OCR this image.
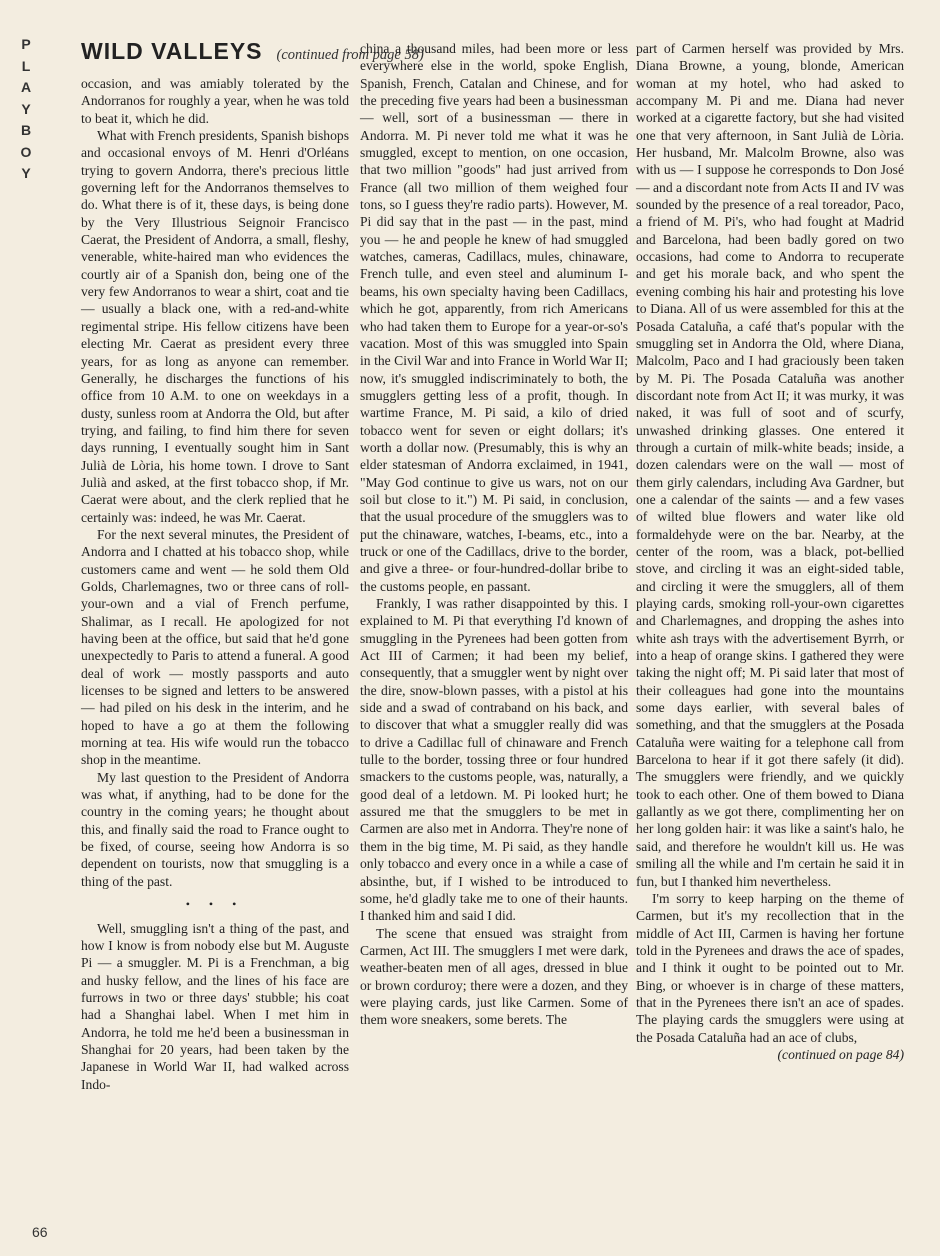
P
L
A
Y
B
O
Y
WILD VALLEYS (continued from page 58)

occasion, and was amiably tolerated by the Andorranos for roughly a year, when he was told to beat it, which he did.

What with French presidents, Spanish bishops and occasional envoys of M. Henri d'Orléans trying to govern Andorra, there's precious little governing left for the Andorranos themselves to do. What there is of it, these days, is being done by the Very Illustrious Seignoir Francisco Caerat, the President of Andorra, a small, fleshy, venerable, white-haired man who evidences the courtly air of a Spanish don, being one of the very few Andorranos to wear a shirt, coat and tie — usually a black one, with a red-and-white regimental stripe. His fellow citizens have been electing Mr. Caerat as president every three years, for as long as anyone can remember. Generally, he discharges the functions of his office from 10 A.M. to one on weekdays in a dusty, sunless room at Andorra the Old, but after trying, and failing, to find him there for seven days running, I eventually sought him in Sant Julià de Lòria, his home town. I drove to Sant Julià and asked, at the first tobacco shop, if Mr. Caerat were about, and the clerk replied that he certainly was: indeed, he was Mr. Caerat.

For the next several minutes, the President of Andorra and I chatted at his tobacco shop, while customers came and went — he sold them Old Golds, Charlemagnes, two or three cans of roll-your-own and a vial of French perfume, Shalimar, as I recall. He apologized for not having been at the office, but said that he'd gone unexpectedly to Paris to attend a funeral. A good deal of work — mostly passports and auto licenses to be signed and letters to be answered — had piled on his desk in the interim, and he hoped to have a go at them the following morning at tea. His wife would run the tobacco shop in the meantime.

My last question to the President of Andorra was what, if anything, had to be done for the country in the coming years; he thought about this, and finally said the road to France ought to be fixed, of course, seeing how Andorra is so dependent on tourists, now that smuggling is a thing of the past.

• • •

Well, smuggling isn't a thing of the past, and how I know is from nobody else but M. Auguste Pi — a smuggler. M. Pi is a Frenchman, a big and husky fellow, and the lines of his face are furrows in two or three days' stubble; his coat had a Shanghai label. When I met him in Andorra, he told me he'd been a businessman in Shanghai for 20 years, had been taken by the Japanese in World War II, had walked across Indo-

china a thousand miles, had been more or less everywhere else in the world, spoke English, Spanish, French, Catalan and Chinese, and for the preceding five years had been a businessman — well, sort of a businessman — there in Andorra. M. Pi never told me what it was he smuggled, except to mention, on one occasion, that two million "goods" had just arrived from France (all two million of them weighed four tons, so I guess they're radio parts). However, M. Pi did say that in the past — in the past, mind you — he and people he knew of had smuggled watches, cameras, Cadillacs, mules, chinaware, French tulle, and even steel and aluminum I-beams, his own specialty having been Cadillacs, which he got, apparently, from rich Americans who had taken them to Europe for a year-or-so's vacation. Most of this was smuggled into Spain in the Civil War and into France in World War II; now, it's smuggled indiscriminately to both, the smugglers getting less of a profit, though. In wartime France, M. Pi said, a kilo of dried tobacco went for seven or eight dollars; it's worth a dollar now. (Presumably, this is why an elder statesman of Andorra exclaimed, in 1941, "May God continue to give us wars, not on our soil but close to it.") M. Pi said, in conclusion, that the usual procedure of the smugglers was to put the chinaware, watches, I-beams, etc., into a truck or one of the Cadillacs, drive to the border, and give a three- or four-hundred-dollar bribe to the customs people, en passant.

Frankly, I was rather disappointed by this. I explained to M. Pi that everything I'd known of smuggling in the Pyrenees had been gotten from Act III of Carmen; it had been my belief, consequently, that a smuggler went by night over the dire, snow-blown passes, with a pistol at his side and a swad of contraband on his back, and to discover that what a smuggler really did was to drive a Cadillac full of chinaware and French tulle to the border, tossing three or four hundred smackers to the customs people, was, naturally, a good deal of a letdown. M. Pi looked hurt; he assured me that the smugglers to be met in Carmen are also met in Andorra. They're none of them in the big time, M. Pi said, as they handle only tobacco and every once in a while a case of absinthe, but, if I wished to be introduced to some, he'd gladly take me to one of their haunts. I thanked him and said I did.

The scene that ensued was straight from Carmen, Act III. The smugglers I met were dark, weather-beaten men of all ages, dressed in blue or brown corduroy; there were a dozen, and they were playing cards, just like Carmen. Some of them wore sneakers, some berets. The

part of Carmen herself was provided by Mrs. Diana Browne, a young, blonde, American woman at my hotel, who had asked to accompany M. Pi and me. Diana had never worked at a cigarette factory, but she had visited one that very afternoon, in Sant Julià de Lòria. Her husband, Mr. Malcolm Browne, also was with us — I suppose he corresponds to Don José — and a discordant note from Acts II and IV was sounded by the presence of a real toreador, Paco, a friend of M. Pi's, who had fought at Madrid and Barcelona, had been badly gored on two occasions, had come to Andorra to recuperate and get his morale back, and who spent the evening combing his hair and protesting his love to Diana. All of us were assembled for this at the Posada Cataluña, a café that's popular with the smuggling set in Andorra the Old, where Diana, Malcolm, Paco and I had graciously been taken by M. Pi. The Posada Cataluña was another discordant note from Act II; it was murky, it was naked, it was full of soot and of scurfy, unwashed drinking glasses. One entered it through a curtain of milk-white beads; inside, a dozen calendars were on the wall — most of them girly calendars, including Ava Gardner, but one a calendar of the saints — and a few vases of wilted blue flowers and water like old formaldehyde were on the bar. Nearby, at the center of the room, was a black, pot-bellied stove, and circling it was an eight-sided table, and circling it were the smugglers, all of them playing cards, smoking roll-your-own cigarettes and Charlemagnes, and dropping the ashes into white ash trays with the advertisement Byrrh, or into a heap of orange skins. I gathered they were taking the night off; M. Pi said later that most of their colleagues had gone into the mountains some days earlier, with several bales of something, and that the smugglers at the Posada Cataluña were waiting for a telephone call from Barcelona to hear if it got there safely (it did). The smugglers were friendly, and we quickly took to each other. One of them bowed to Diana gallantly as we got there, complimenting her on her long golden hair: it was like a saint's halo, he said, and therefore he wouldn't kill us. He was smiling all the while and I'm certain he said it in fun, but I thanked him nevertheless.

I'm sorry to keep harping on the theme of Carmen, but it's my recollection that in the middle of Act III, Carmen is having her fortune told in the Pyrenees and draws the ace of spades, and I think it ought to be pointed out to Mr. Bing, or whoever is in charge of these matters, that in the Pyrenees there isn't an ace of spades. The playing cards the smugglers were using at the Posada Cataluña had an ace of clubs,

(continued on page 84)

66
